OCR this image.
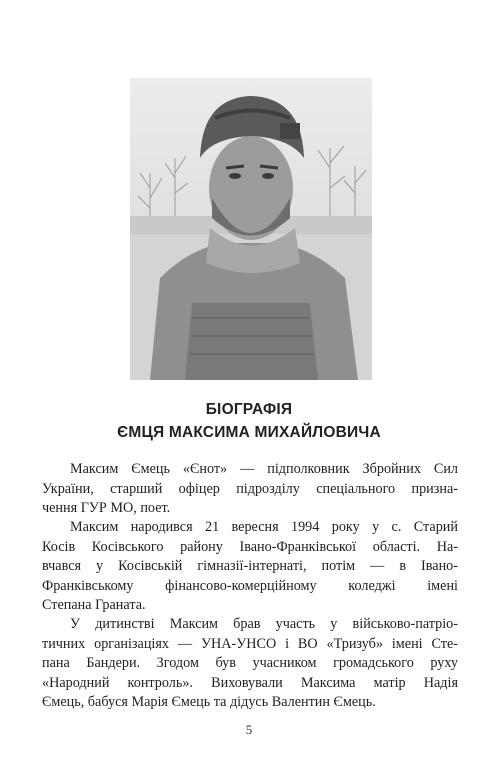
БІОГРАФІЯ
ЄМЦЯ МАКСИМА МИХАЙЛОВИЧА

Максим Ємець «Єнот» — підполковник Збройних Сил
України, старший офіцер підрозділу спеціального призна-
чення ГУР МО, поет.

Максим народився 21 вересня 1994 року у с. Старий
Косів Косівського району Івано-Франківської області. На-
вчався у Косівській гімназії-інтернаті, потім — в Івано-
Франківському фінансово-комерційному коледжі імені
Степана Граната.

У дитинстві Максим брав участь у військово-патріо-
тичних організаціях — УНА-УНСО і ВО «Тризуб» імені Сте-
пана Бандери. Згодом був учасником громадського руху
«Народний контроль». Виховували Максима матір Надія
Ємець, бабуся Марія Ємець та дідусь Валентин Ємець.

5
